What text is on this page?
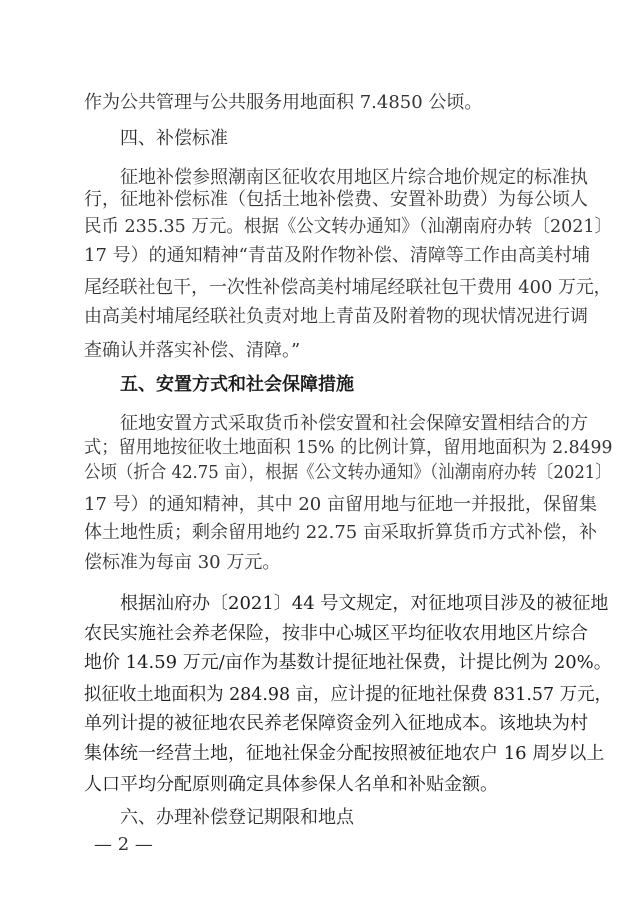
作为公共管理与公共服务用地面积 7.4850 公顷。
四、补偿标准
征地补偿参照潮南区征收农用地区片综合地价规定的标准执
行，征地补偿标准（包括土地补偿费、安置补助费）为每公顷人
民币 235.35 万元。根据《公文转办通知》（汕潮南府办转〔2021〕
17 号）的通知精神“青苗及附作物补偿、清障等工作由高美村埔
尾经联社包干，一次性补偿高美村埔尾经联社包干费用 400 万元，
由高美村埔尾经联社负责对地上青苗及附着物的现状情况进行调
查确认并落实补偿、清障。”
五、安置方式和社会保障措施
征地安置方式采取货币补偿安置和社会保障安置相结合的方
式；留用地按征收土地面积 15% 的比例计算，留用地面积为 2.8499
公顷（折合 42.75 亩），根据《公文转办通知》（汕潮南府办转〔2021〕
17 号）的通知精神，其中 20 亩留用地与征地一并报批，保留集
体土地性质；剩余留用地约 22.75 亩采取折算货币方式补偿，补
偿标准为每亩 30 万元。
根据汕府办〔2021〕44 号文规定，对征地项目涉及的被征地
农民实施社会养老保险，按非中心城区平均征收农用地区片综合
地价 14.59 万元/亩作为基数计提征地社保费，计提比例为 20%。
拟征收土地面积为 284.98 亩，应计提的征地社保费 831.57 万元，
单列计提的被征地农民养老保障资金列入征地成本。该地块为村
集体统一经营土地，征地社保金分配按照被征地农户 16 周岁以上
人口平均分配原则确定具体参保人名单和补贴金额。
六、办理补偿登记期限和地点
— 2 —
